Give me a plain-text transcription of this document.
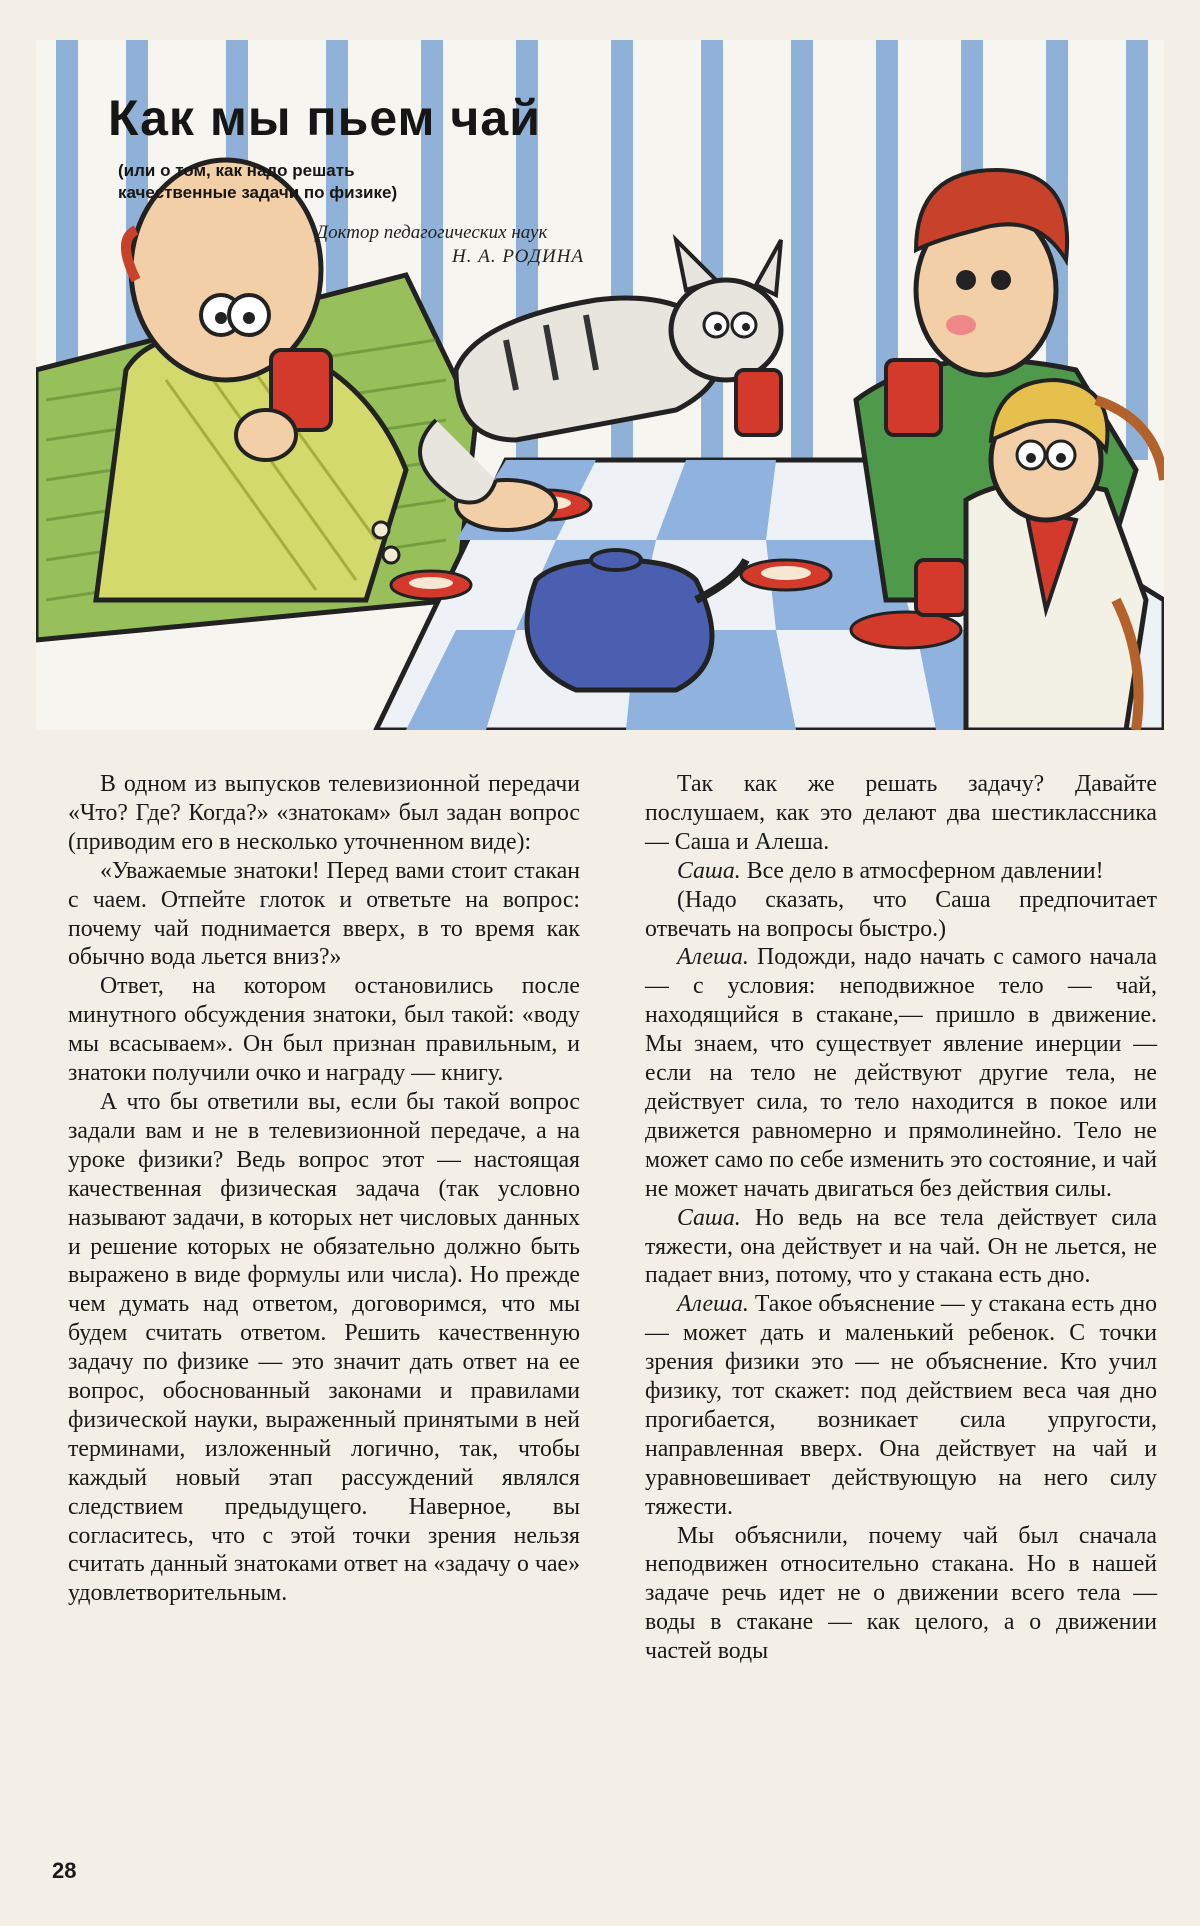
Как мы пьем чай
(или о том, как надо решать
качественные задачи по физике)
Доктор педагогических наук
Н. А. РОДИНА

В одном из выпусков телевизионной передачи «Что? Где? Когда?» «знатокам» был задан вопрос (приводим его в несколько уточненном виде):

«Уважаемые знатоки! Перед вами стоит стакан с чаем. Отпейте глоток и ответьте на вопрос: почему чай поднимается вверх, в то время как обычно вода льется вниз?»

Ответ, на котором остановились после минутного обсуждения знатоки, был такой: «воду мы всасываем». Он был признан правильным, и знатоки получили очко и награду — книгу.

А что бы ответили вы, если бы такой вопрос задали вам и не в телевизионной передаче, а на уроке физики? Ведь вопрос этот — настоящая качественная физическая задача (так условно называют задачи, в которых нет числовых данных и решение которых не обязательно должно быть выражено в виде формулы или числа). Но прежде чем думать над ответом, договоримся, что мы будем считать ответом. Решить качественную задачу по физике — это значит дать ответ на ее вопрос, обоснованный законами и правилами физической науки, выраженный принятыми в ней терминами, изложенный логично, так, чтобы каждый новый этап рассуждений являлся следствием предыдущего. Наверное, вы согласитесь, что с этой точки зрения нельзя считать данный знатоками ответ на «задачу о чае» удовлетворительным.

Так как же решать задачу? Давайте послушаем, как это делают два шестиклассника — Саша и Алеша.

Саша. Все дело в атмосферном давлении!

(Надо сказать, что Саша предпочитает отвечать на вопросы быстро.)

Алеша. Подожди, надо начать с самого начала — с условия: неподвижное тело — чай, находящийся в стакане,— пришло в движение. Мы знаем, что существует явление инерции — если на тело не действуют другие тела, не действует сила, то тело находится в покое или движется равномерно и прямолинейно. Тело не может само по себе изменить это состояние, и чай не может начать двигаться без действия силы.

Саша. Но ведь на все тела действует сила тяжести, она действует и на чай. Он не льется, не падает вниз, потому, что у стакана есть дно.

Алеша. Такое объяснение — у стакана есть дно — может дать и маленький ребенок. С точки зрения физики это — не объяснение. Кто учил физику, тот скажет: под действием веса чая дно прогибается, возникает сила упругости, направленная вверх. Она действует на чай и уравновешивает действующую на него силу тяжести.

Мы объяснили, почему чай был сначала неподвижен относительно стакана. Но в нашей задаче речь идет не о движении всего тела — воды в стакане — как целого, а о движении частей воды

28
